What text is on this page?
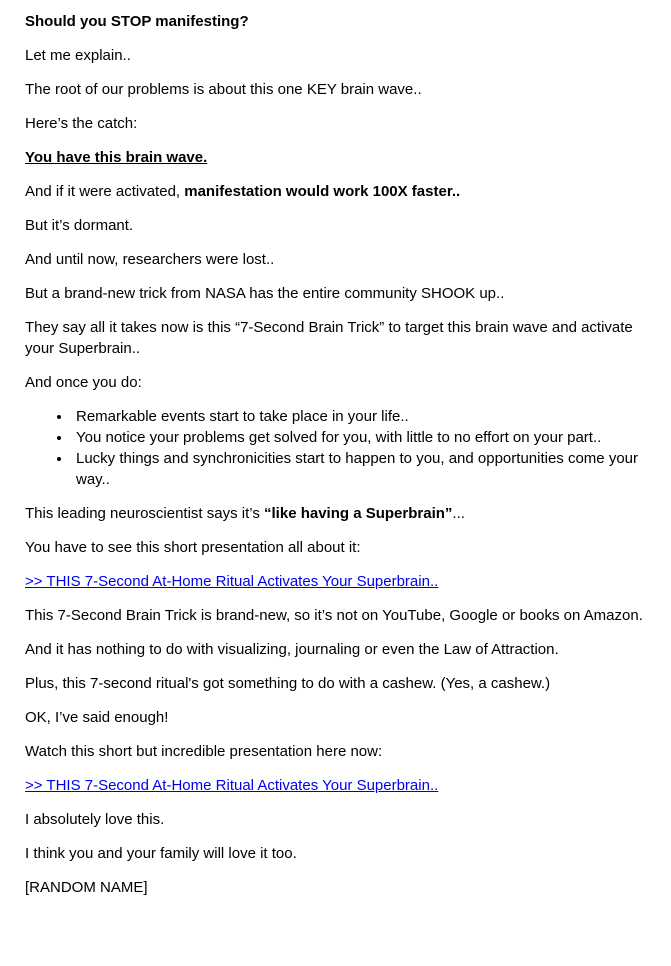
Should you STOP manifesting?

Let me explain..

The root of our problems is about this one KEY brain wave..

Here’s the catch:

You have this brain wave.

And if it were activated, manifestation would work 100X faster..

But it’s dormant.

And until now, researchers were lost..

But a brand-new trick from NASA has the entire community SHOOK up..

They say all it takes now is this “7-Second Brain Trick” to target this brain wave and activate your Superbrain..

And once you do:

• Remarkable events start to take place in your life..
• You notice your problems get solved for you, with little to no effort on your part..
• Lucky things and synchronicities start to happen to you, and opportunities come your way..

This leading neuroscientist says it’s “like having a Superbrain”...

You have to see this short presentation all about it:

>> THIS 7-Second At-Home Ritual Activates Your Superbrain..

This 7-Second Brain Trick is brand-new, so it’s not on YouTube, Google or books on Amazon.

And it has nothing to do with visualizing, journaling or even the Law of Attraction.

Plus, this 7-second ritual's got something to do with a cashew. (Yes, a cashew.)

OK, I’ve said enough!

Watch this short but incredible presentation here now:

>> THIS 7-Second At-Home Ritual Activates Your Superbrain..

I absolutely love this.

I think you and your family will love it too.

[RANDOM NAME]
